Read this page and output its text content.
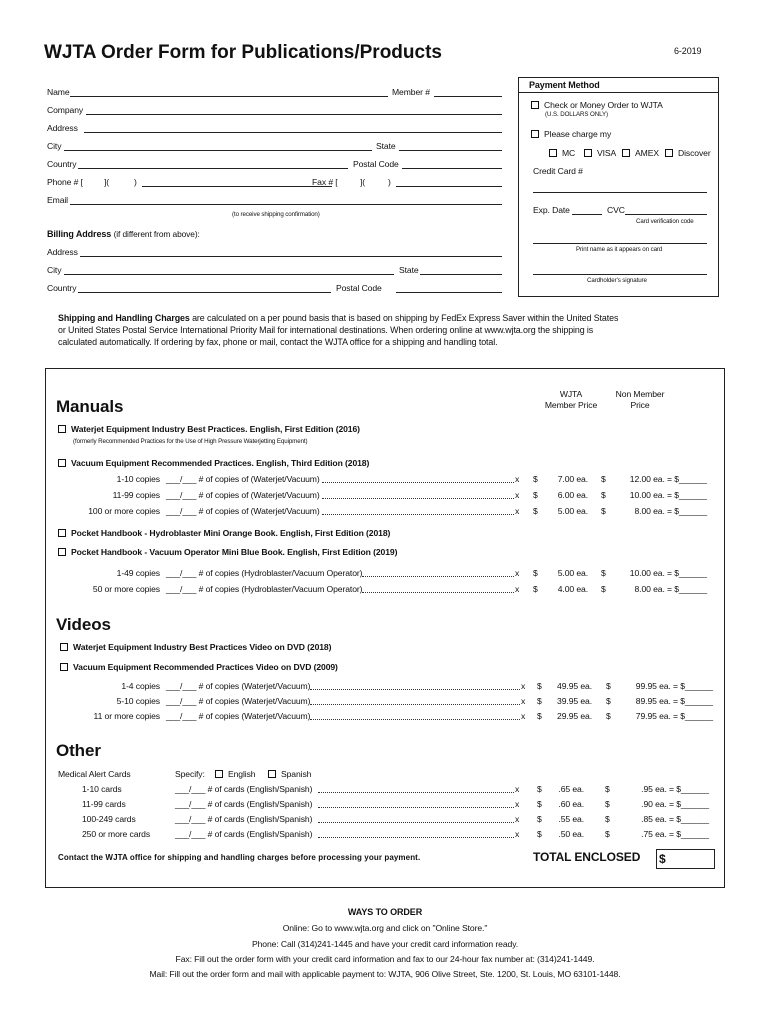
WJTA Order Form for Publications/Products	6-2019
Name	Member #
Company
Address
City	State
Country	Postal Code
Phone # [ ](	)	Fax # [	](	)
Email
(to receive shipping confirmation)
Billing Address (if different from above):
Address
City	State
Country	Postal Code
Payment Method
Check or Money Order to WJTA
(U.S. DOLLARS ONLY)
Please charge my
MC	VISA	AMEX	Discover
Credit Card #
Exp. Date	CVC
Card verification code
Print name as it appears on card
Cardholder's signature
Shipping and Handling Charges are calculated on a per pound basis that is based on shipping by FedEx Express Saver within the United States
or United States Postal Service International Priority Mail for international destinations. When ordering online at www.wjta.org the shipping is
calculated automatically. If ordering by fax, phone or mail, contact the WJTA office for a shipping and handling total.
WJTA
Member Price
Non Member
Price
Manuals
Waterjet Equipment Industry Best Practices. English, First Edition (2016)
(formerly Recommended Practices for the Use of High Pressure Waterjetting Equipment)
Vacuum Equipment Recommended Practices. English, Third Edition (2018)
1-10 copies ___/___ # of copies of (Waterjet/Vacuum)	x $	7.00 ea. $	12.00 ea. = $______
11-99 copies ___/___ # of copies of (Waterjet/Vacuum)	x $	6.00 ea. $	10.00 ea. = $______
100 or more copies ___/___ # of copies of (Waterjet/Vacuum)	x $	5.00 ea. $	8.00 ea. = $______
Pocket Handbook - Hydroblaster Mini Orange Book. English, First Edition (2018)
Pocket Handbook - Vacuum Operator Mini Blue Book. English, First Edition (2019)
1-49 copies ___/___ # of copies (Hydroblaster/Vacuum Operator)	x $	5.00 ea. $	10.00 ea. = $______
50 or more copies ___/___ # of copies (Hydroblaster/Vacuum Operator)	x $	4.00 ea. $	8.00 ea. = $______
Videos
Waterjet Equipment Industry Best Practices Video on DVD (2018)
Vacuum Equipment Recommended Practices Video on DVD (2009)
1-4 copies ___/___ # of copies (Waterjet/Vacuum)	x $	49.95 ea. $	99.95 ea. = $______
5-10 copies ___/___ # of copies (Waterjet/Vacuum)	x $	39.95 ea. $	89.95 ea. = $______
11 or more copies ___/___ # of copies (Waterjet/Vacuum)	x $	29.95 ea. $	79.95 ea. = $______
Other
Medical Alert Cards	Specify:	English	Spanish
1-10 cards	___/___ # of cards (English/Spanish)	x $	.65 ea. $	.95 ea. = $______
11-99 cards	___/___ # of cards (English/Spanish)	x $	.60 ea. $	.90 ea. = $______
100-249 cards	___/___ # of cards (English/Spanish)	x $	.55 ea. $	.85 ea. = $______
250 or more cards	___/___ # of cards (English/Spanish)	x $	.50 ea. $	.75 ea. = $______
Contact the WJTA office for shipping and handling charges before processing your payment.	TOTAL ENCLOSED $
WAYS TO ORDER
Online: Go to www.wjta.org and click on "Online Store."
Phone: Call (314)241-1445 and have your credit card information ready.
Fax: Fill out the order form with your credit card information and fax to our 24-hour fax number at: (314)241-1449.
Mail: Fill out the order form and mail with applicable payment to: WJTA, 906 Olive Street, Ste. 1200, St. Louis, MO 63101-1448.
